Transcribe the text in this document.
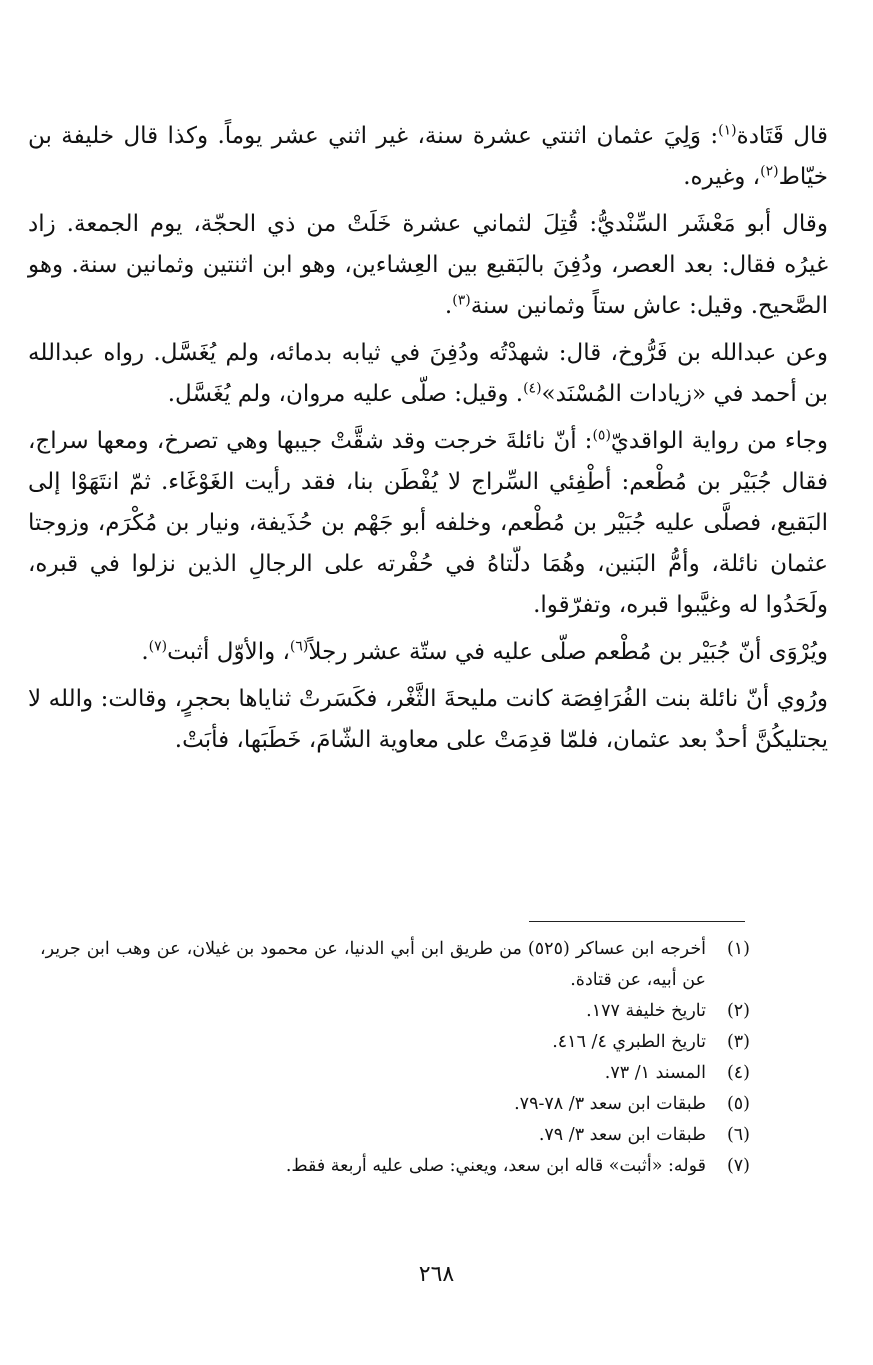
قال قَتَادة$^{(١)}$: وَلِيَ عثمان اثنتي عشرة سنة، غير اثني عشر يوماً. وكذا قال خليفة بن خيّاط$^{(٢)}$، وغيره.

وقال أبو مَعْشَر السِّنْديُّ: قُتِلَ لثماني عشرة خَلَتْ من ذي الحجّة، يوم الجمعة. زاد غيرُه فقال: بعد العصر، ودُفِنَ بالبَقيع بين العِشاءين، وهو ابن اثنتين وثمانين سنة. وهو الصَّحيح. وقيل: عاش ستاً وثمانين سنة$^{(٣)}$.

وعن عبدالله بن فَرُّوخ، قال: شهدْتُه ودُفِنَ في ثيابه بدمائه، ولم يُغَسَّل. رواه عبدالله بن أحمد في «زيادات المُسْنَد»$^{(٤)}$. وقيل: صلّى عليه مروان، ولم يُغَسَّل.

وجاء من رواية الواقديّ$^{(٥)}$: أنّ نائلةَ خرجت وقد شقَّتْ جيبها وهي تصرخ، ومعها سراج، فقال جُبَيْر بن مُطْعم: أطْفِئي السِّراج لا يُفْطَن بنا، فقد رأيت الغَوْغَاء. ثمّ انتَهَوْا إلى البَقيع، فصلَّى عليه جُبَيْر بن مُطْعم، وخلفه أبو جَهْم بن حُذَيفة، ونيار بن مُكْرَم، وزوجتا عثمان نائلة، وأمُّ البَنين، وهُمَا دلّتاهُ في حُفْرته على الرجالِ الذين نزلوا في قبره، ولَحَدُوا له وغيَّبوا قبره، وتفرّقوا.

ويُرْوَى أنّ جُبَيْر بن مُطْعم صلّى عليه في ستّة عشر رجلاً$^{(٦)}$، والأوّل أثبت$^{(٧)}$.

ورُوي أنّ نائلة بنت الفُرَافِصَة كانت مليحةَ الثَّغْر، فكَسَرتْ ثناياها بحجرٍ، وقالت: والله لا يجتليكُنَّ أحدٌ بعد عثمان، فلمّا قدِمَتْ على معاوية الشّامَ، خَطَبَها، فأبَتْ.

(١)
أخرجه ابن عساكر (٥٢٥) من طريق ابن أبي الدنيا، عن محمود بن غيلان، عن وهب ابن جرير، عن أبيه، عن قتادة.
(٢)
تاريخ خليفة ١٧٧.
(٣)
تاريخ الطبري ٤/ ٤١٦.
(٤)
المسند ١/ ٧٣.
(٥)
طبقات ابن سعد ٣/ ٧٨-٧٩.
(٦)
طبقات ابن سعد ٣/ ٧٩.
(٧)
قوله: «أثبت» قاله ابن سعد، ويعني: صلى عليه أربعة فقط.
٢٦٨
